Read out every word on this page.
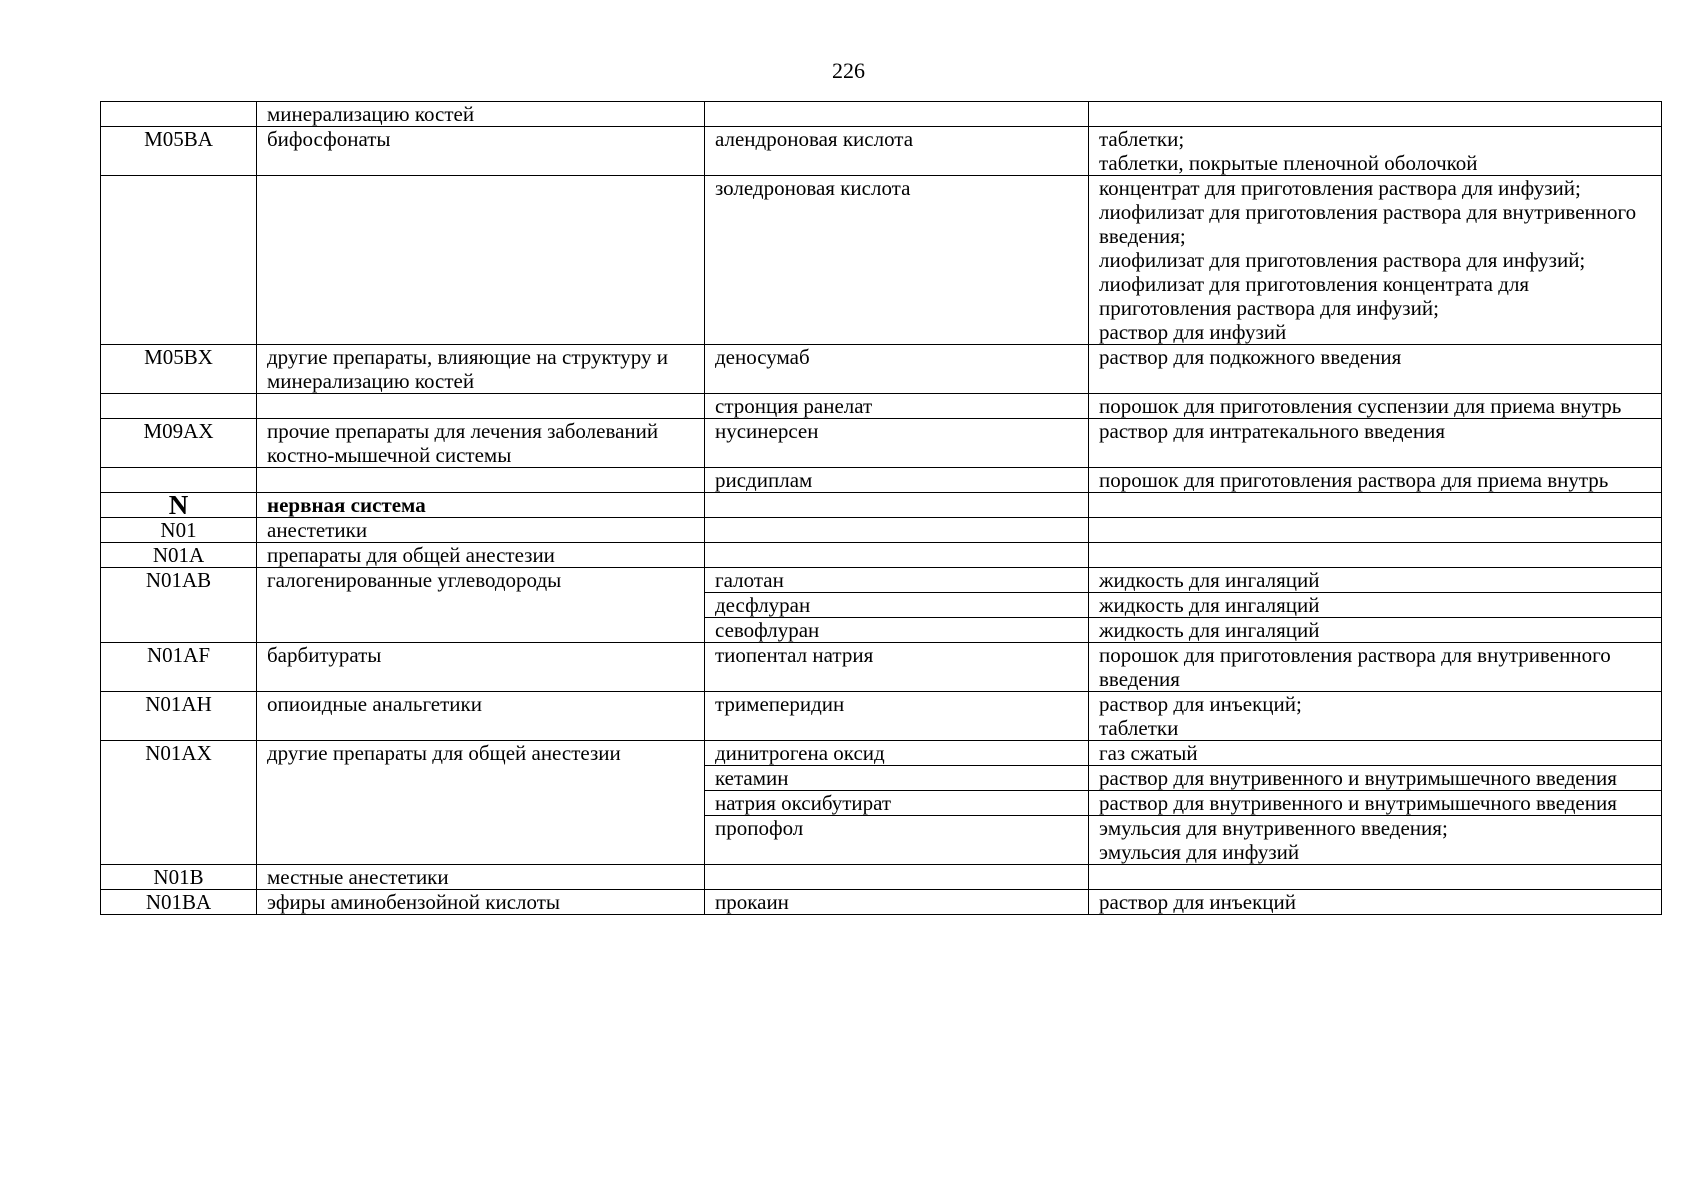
226
	минерализацию костей		
M05BA	бифосфонаты	алендроновая кислота	таблетки;
таблетки, покрытые пленочной оболочкой

		золедроновая кислота	концентрат для приготовления раствора для инфузий;
лиофилизат для приготовления раствора для внутривенного введения;
лиофилизат для приготовления раствора для инфузий;
лиофилизат для приготовления концентрата для приготовления раствора для инфузий;
раствор для инфузий

M05BX	другие препараты, влияющие на структуру и минерализацию костей	деносумаб	раствор для подкожного введения

		стронция ранелат	порошок для приготовления суспензии для приема внутрь

M09AX	прочие препараты для лечения заболеваний костно-мышечной системы	нусинерсен	раствор для интратекального введения

		рисдиплам	порошок для приготовления раствора для приема внутрь

N	нервная система		
N01	анестетики		
N01A	препараты для общей анестезии		
N01AB	галогенированные углеводороды	галотан	жидкость для ингаляций

		десфлуран	жидкость для ингаляций

		севофлуран	жидкость для ингаляций

N01AF	барбитураты	тиопентал натрия	порошок для приготовления раствора для внутривенного введения

N01AH	опиоидные анальгетики	тримеперидин	раствор для инъекций;
таблетки

N01AX	другие препараты для общей анестезии	динитрогена оксид	газ сжатый

		кетамин	раствор для внутривенного и внутримышечного введения

		натрия оксибутират	раствор для внутривенного и внутримышечного введения

		пропофол	эмульсия для внутривенного введения;
эмульсия для инфузий

N01B	местные анестетики		
N01BA	эфиры аминобензойной кислоты	прокаин	раствор для инъекций
